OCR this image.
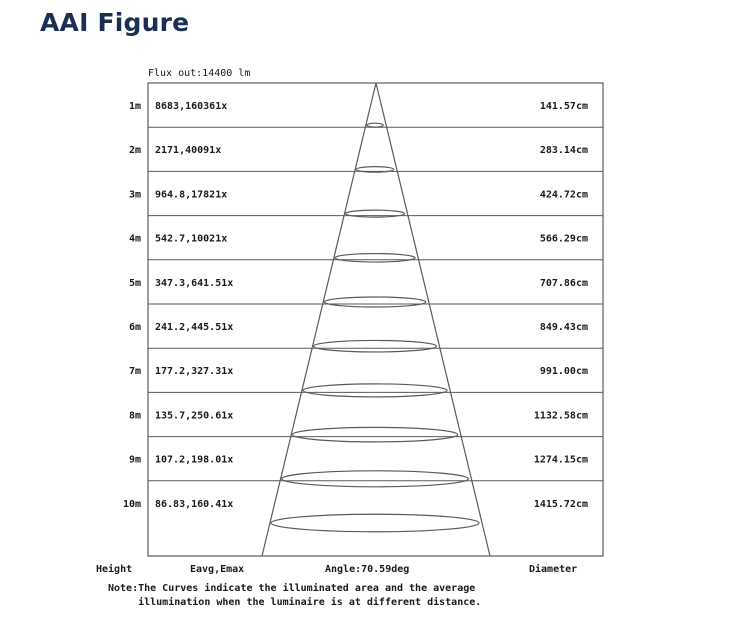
AAI Figure
Flux out:14400 lm
1m 8683,160361x	141.57cm
2m 2171,40091x	283.14cm
3m 964.8,17821x	424.72cm
4m 542.7,10021x	566.29cm
5m 347.3,641.51x	707.86cm
6m 241.2,445.51x	849.43cm
7m 177.2,327.31x	991.00cm
8m 135.7,250.61x	1132.58cm
9m 107.2,198.01x	1274.15cm
10m 86.83,160.41x	1415.72cm
Height	Eavg,Emax	Angle:70.59deg	Diameter
Note:The Curves indicate the illuminated area and the average
illumination when the luminaire is at different distance.
